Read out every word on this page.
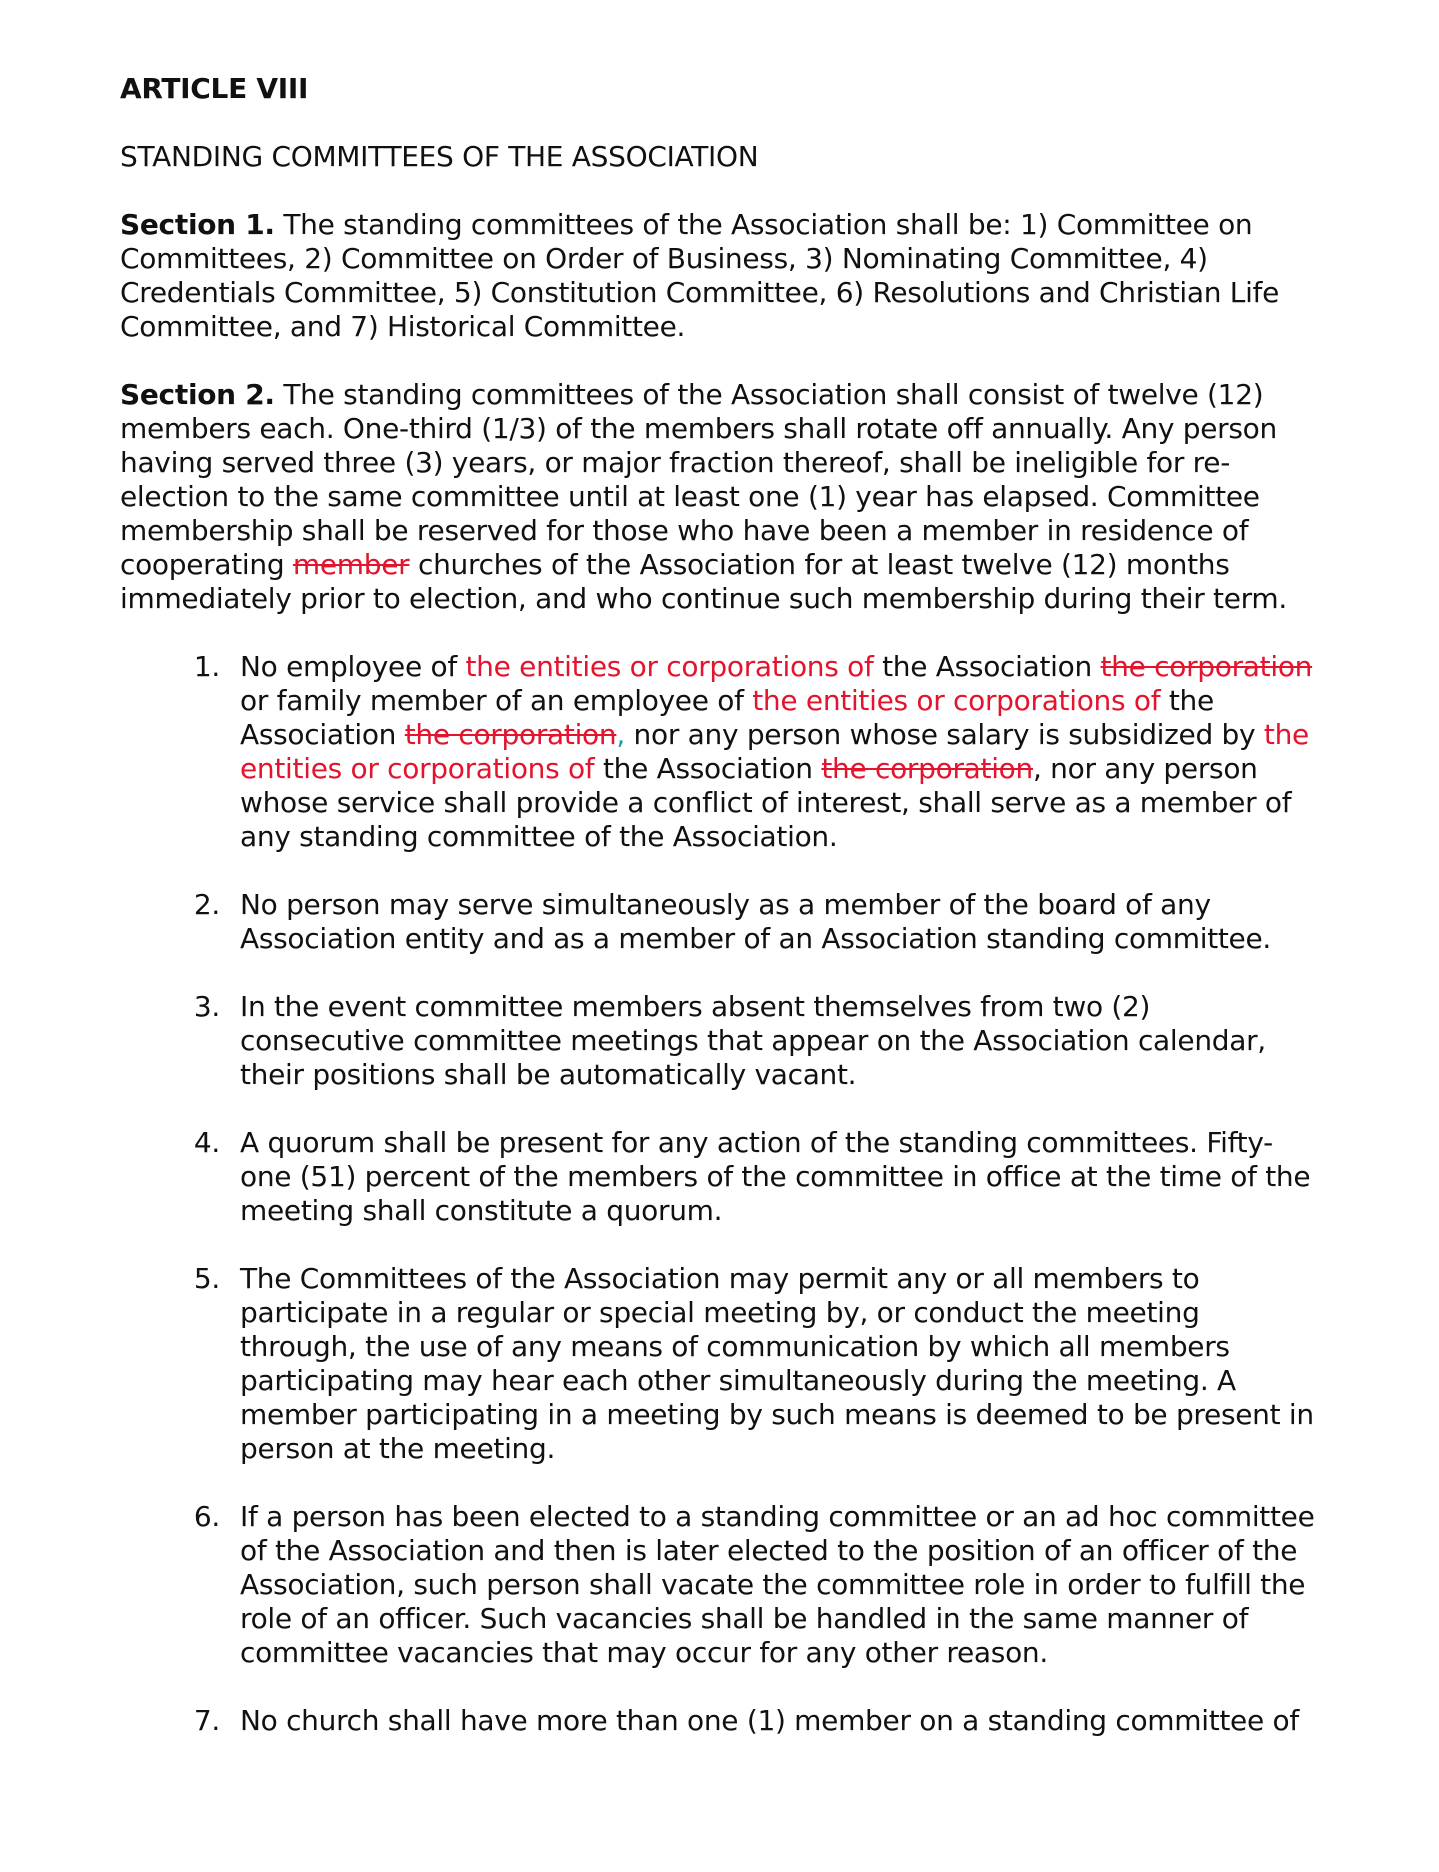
ARTICLE VIII
STANDING COMMITTEES OF THE ASSOCIATION

Section 1. The standing committees of the Association shall be: 1) Committee on Committees, 2) Committee on Order of Business, 3) Nominating Committee, 4) Credentials Committee, 5) Constitution Committee, 6) Resolutions and Christian Life Committee, and 7) Historical Committee.

Section 2. The standing committees of the Association shall consist of twelve (12) members each. One-third (1/3) of the members shall rotate off annually. Any person having served three (3) years, or major fraction thereof, shall be ineligible for re-election to the same committee until at least one (1) year has elapsed. Committee membership shall be reserved for those who have been a member in residence of cooperating member churches of the Association for at least twelve (12) months immediately prior to election, and who continue such membership during their term.

1. No employee of the entities or corporations of the Association the corporation or family member of an employee of the entities or corporations of the Association the corporation, nor any person whose salary is subsidized by the entities or corporations of the Association the corporation, nor any person whose service shall provide a conflict of interest, shall serve as a member of any standing committee of the Association.
2. No person may serve simultaneously as a member of the board of any Association entity and as a member of an Association standing committee.
3. In the event committee members absent themselves from two (2) consecutive committee meetings that appear on the Association calendar, their positions shall be automatically vacant.
4. A quorum shall be present for any action of the standing committees. Fifty-one (51) percent of the members of the committee in office at the time of the meeting shall constitute a quorum.
5. The Committees of the Association may permit any or all members to participate in a regular or special meeting by, or conduct the meeting through, the use of any means of communication by which all members participating may hear each other simultaneously during the meeting. A member participating in a meeting by such means is deemed to be present in person at the meeting.
6. If a person has been elected to a standing committee or an ad hoc committee of the Association and then is later elected to the position of an officer of the Association, such person shall vacate the committee role in order to fulfill the role of an officer. Such vacancies shall be handled in the same manner of committee vacancies that may occur for any other reason.
7. No church shall have more than one (1) member on a standing committee of
